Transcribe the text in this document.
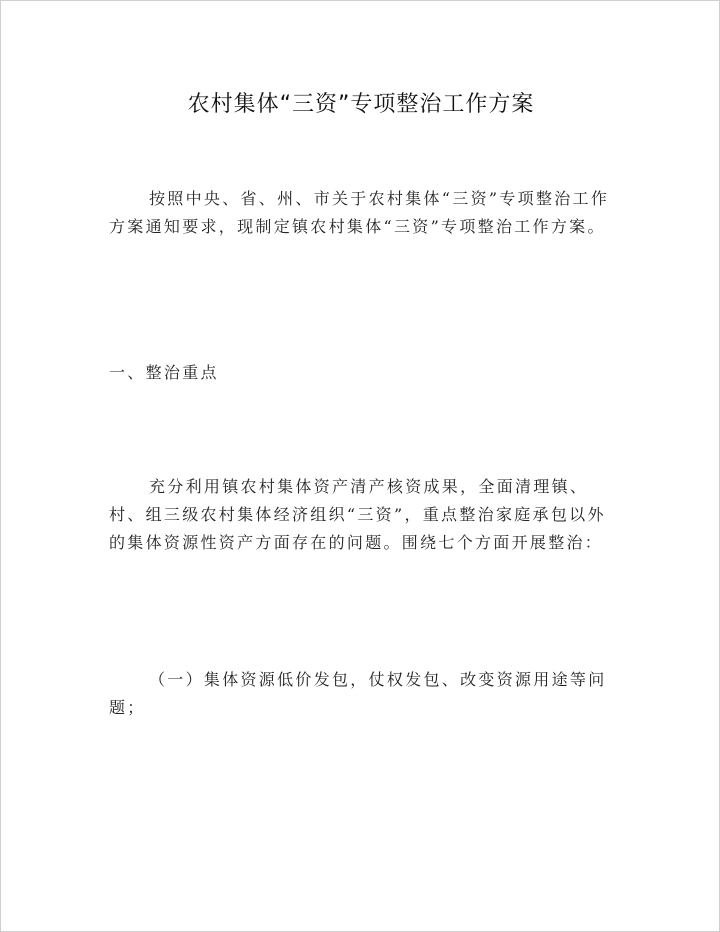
农村集体“三资”专项整治工作方案

按照中央、省、州、市关于农村集体“三资”专项整治工作方案通知要求，现制定镇农村集体“三资”专项整治工作方案。

一、整治重点

充分利用镇农村集体资产清产核资成果，全面清理镇、村、组三级农村集体经济组织“三资”，重点整治家庭承包以外的集体资源性资产方面存在的问题。围绕七个方面开展整治：

（一）集体资源低价发包，仗权发包、改变资源用途等问题；
